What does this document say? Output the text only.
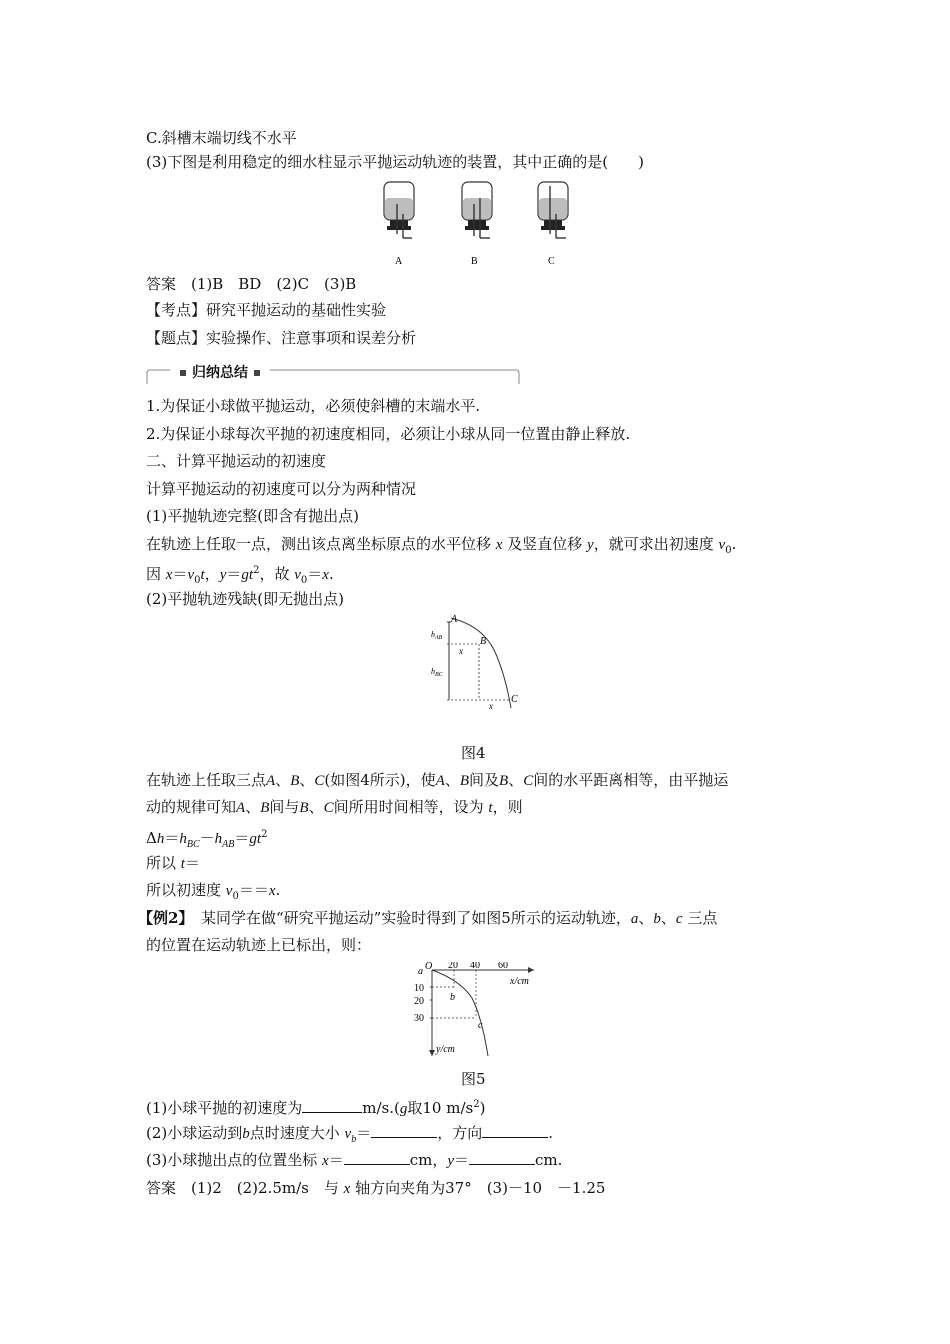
C.斜槽末端切线不水平
(3)下图是利用稳定的细水柱显示平抛运动轨迹的装置，其中正确的是(　　)
A	B	C
答案　(1)B　BD　(2)C　(3)B
【考点】研究平抛运动的基础性实验
【题点】实验操作、注意事项和误差分析
归纳总结
1.为保证小球做平抛运动，必须使斜槽的末端水平.
2.为保证小球每次平抛的初速度相同，必须让小球从同一位置由静止释放.
二、计算平抛运动的初速度
计算平抛运动的初速度可以分为两种情况
(1)平抛轨迹完整(即含有抛出点)
在轨迹上任取一点，测出该点离坐标原点的水平位移 x 及竖直位移 y，就可求出初速度 $v_0$.
因 $x=v_0t$，$y=gt^2$，故 $v_0=x$.
(2)平抛轨迹残缺(即无抛出点)
A
B
C
$h_{AB}$
$h_{BC}$
x
x
图4
在轨迹上任取三点A、B、C(如图4所示)，使A、B间及B、C间的水平距离相等，由平抛运
动的规律可知A、B间与B、C间所用时间相等，设为 t，则
$\Delta h=h_{BC}-h_{AB}=gt^2$
所以 t＝
所以初速度 $v_0==x$.
【例2】　 某同学在做“研究平抛运动”实验时得到了如图5所示的运动轨迹，a、b、c 三点
的位置在运动轨迹上已标出，则：
20 40 60
10
20
30
x/cm
y/cm
O
a
b
c
图5
(1)小球平抛的初速度为	m/s.(g取10 $m/s^2$)
(2)小球运动到b点时速度大小 $v_b=$	，方向	.
(3)小球抛出点的位置坐标 x＝	cm，y＝	cm.
答案　(1)2　(2)2.5m/s　与 x 轴方向夹角为37°　(3)－10　－1.25
